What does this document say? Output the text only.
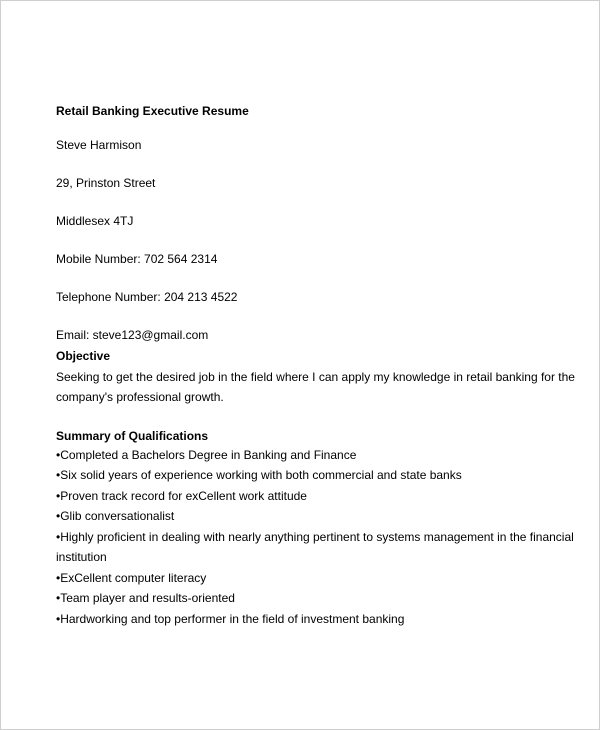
Retail Banking Executive Resume
Steve Harmison
29, Prinston Street
Middlesex 4TJ
Mobile Number: 702 564 2314
Telephone Number: 204 213 4522
Email: steve123@gmail.com
Objective
Seeking to get the desired job in the field where I can apply my knowledge in retail banking for the
company's professional growth.
Summary of Qualifications
•Completed a Bachelors Degree in Banking and Finance
•Six solid years of experience working with both commercial and state banks
•Proven track record for exCellent work attitude
•Glib conversationalist
•Highly proficient in dealing with nearly anything pertinent to systems management in the financial
institution
•ExCellent computer literacy
•Team player and results-oriented
•Hardworking and top performer in the field of investment banking
